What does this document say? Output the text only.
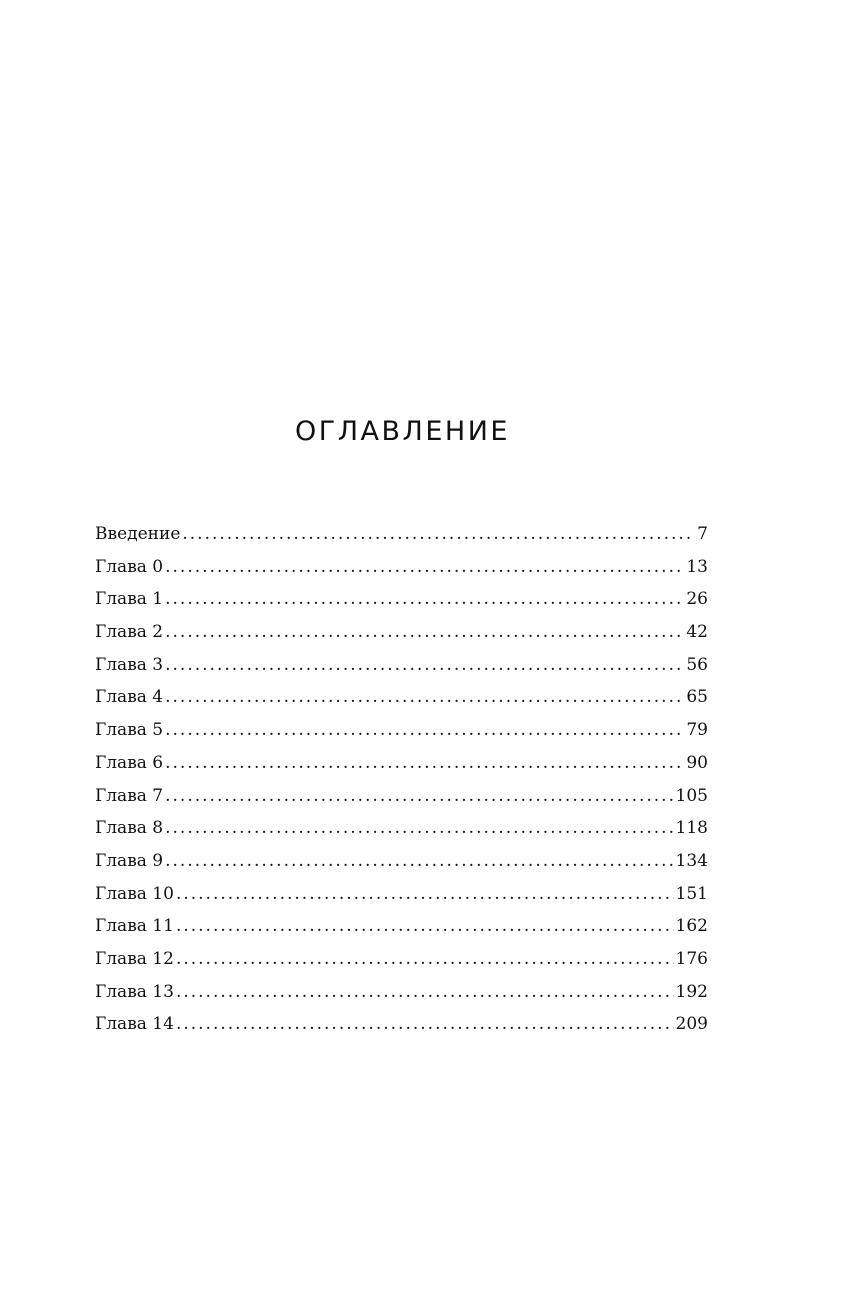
ОГЛАВЛЕНИЕ
Введение .....	7
Глава 0 .....	13
Глава 1 .....	26
Глава 2 .....	42
Глава 3 .....	56
Глава 4 .....	65
Глава 5 .....	79
Глава 6 .....	90
Глава 7 .....	105
Глава 8 .....	118
Глава 9 .....	134
Глава 10 .....	151
Глава 11 .....	162
Глава 12 .....	176
Глава 13 .....	192
Глава 14 .....	209
